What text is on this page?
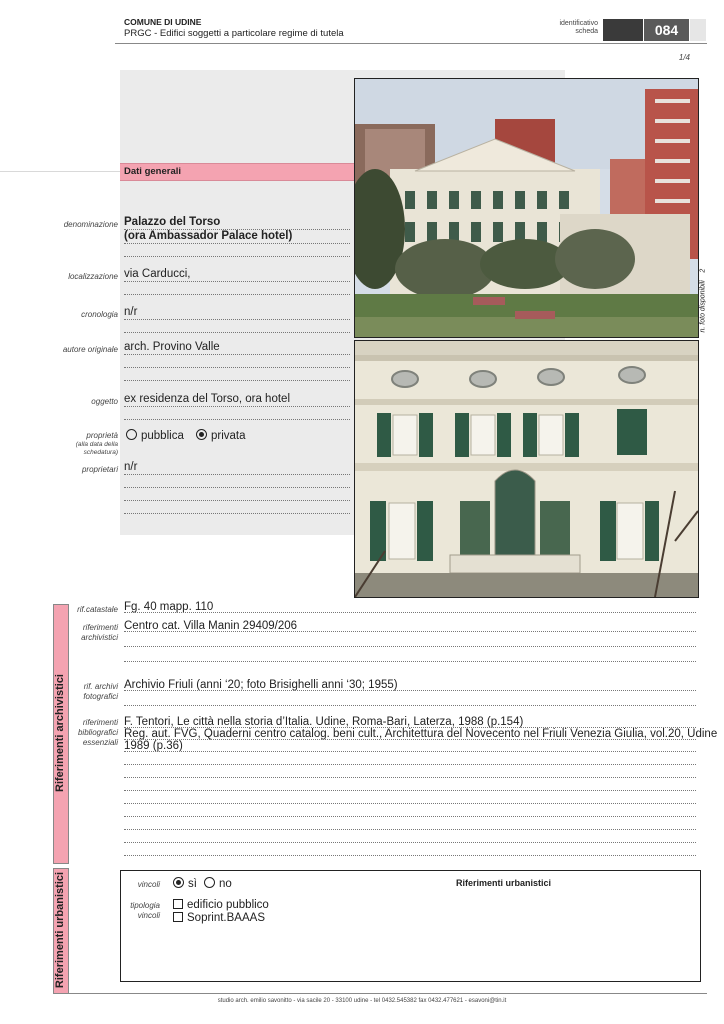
COMUNE DI UDINE
PRGC - Edifici soggetti a particolare regime di tutela
identificativo
scheda	084
1/4
Dati generali
n. foto disponibili    2
denominazione Palazzo del Torso
(ora Ambassador Palace hotel)
localizzazione via Carducci,
cronologia n/r
autore originale arch. Provino Valle
oggetto ex residenza del Torso, ora hotel
proprietà
(alla data della
schedatura)
pubblica	privata
proprietari n/r
Riferimenti archivistici
rif.catastale Fg. 40 mapp. 110
riferimenti
archivistici
Centro cat. Villa Manin 29409/206
rif. archivi
fotografici
Archivio Friuli (anni ‘20; foto Brisighelli anni ‘30; 1955)
riferimenti
bibliografici
essenziali
F. Tentori, Le città nella storia d’Italia. Udine, Roma-Bari, Laterza, 1988 (p.154)
Reg. aut. FVG, Quaderni centro catalog. beni cult., Architettura del Novecento nel Friuli Venezia Giulia, vol.20, Udine
1989 (p.36)
Riferimenti urbanistici	Riferimenti urbanistici
vincoli	sì	no
tipologia
vincoli
edificio pubblico
Soprint.BAAAS
studio arch. emilio savonitto - via sacile 20 - 33100 udine - tel 0432.545382 fax 0432.477621 - esavoni@tin.it
